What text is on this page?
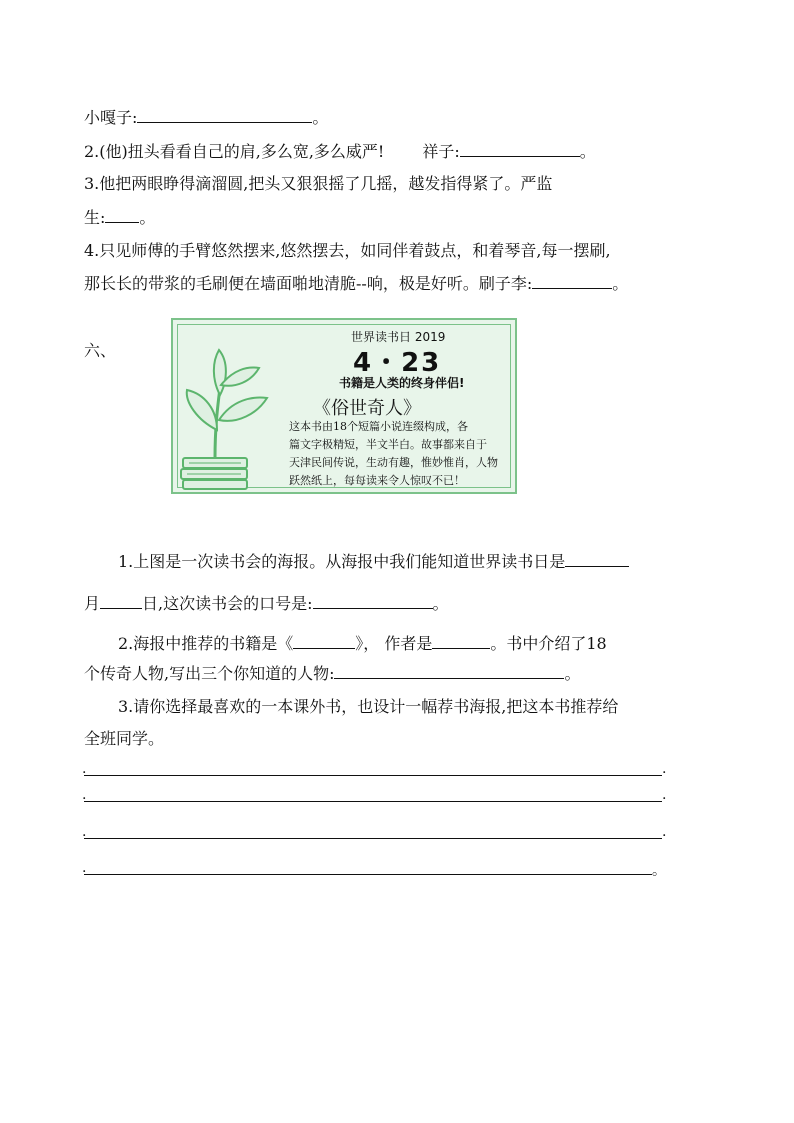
小嘎子:	。
2.(他)扭头看看自己的肩,多么宽,多么威严! 祥子:	。
3.他把两眼睁得滴溜圆,把头又狠狠摇了几摇，越发指得紧了。严监
生: 。
4.只见师傅的手臂悠然摆来,悠然摆去，如同伴着鼓点，和着琴音,每一摆刷,
那长长的带浆的毛刷便在墙面啪地清脆--响，极是好听。刷子李:	。
六、
世界读书日 2019
4・23
书籍是人类的终身伴侣!
《俗世奇人》
这本书由18个短篇小说连缀构成，各
篇文字极精短，半文半白。故事都来自于
天津民间传说，生动有趣，惟妙惟肖，人物
跃然纸上，每每读来令人惊叹不已！
1.上图是一次读书会的海报。从海报中我们能知道世界读书日是
月	日,这次读书会的口号是:	。
2.海报中推荐的书籍是《	》， 作者是	。书中介绍了18
个传奇人物,写出三个你知道的人物:	。
3.请你选择最喜欢的一本课外书，也设计一幅荐书海报,把这本书推荐给
全班同学。
.	.
.	.
.	.
.	。
